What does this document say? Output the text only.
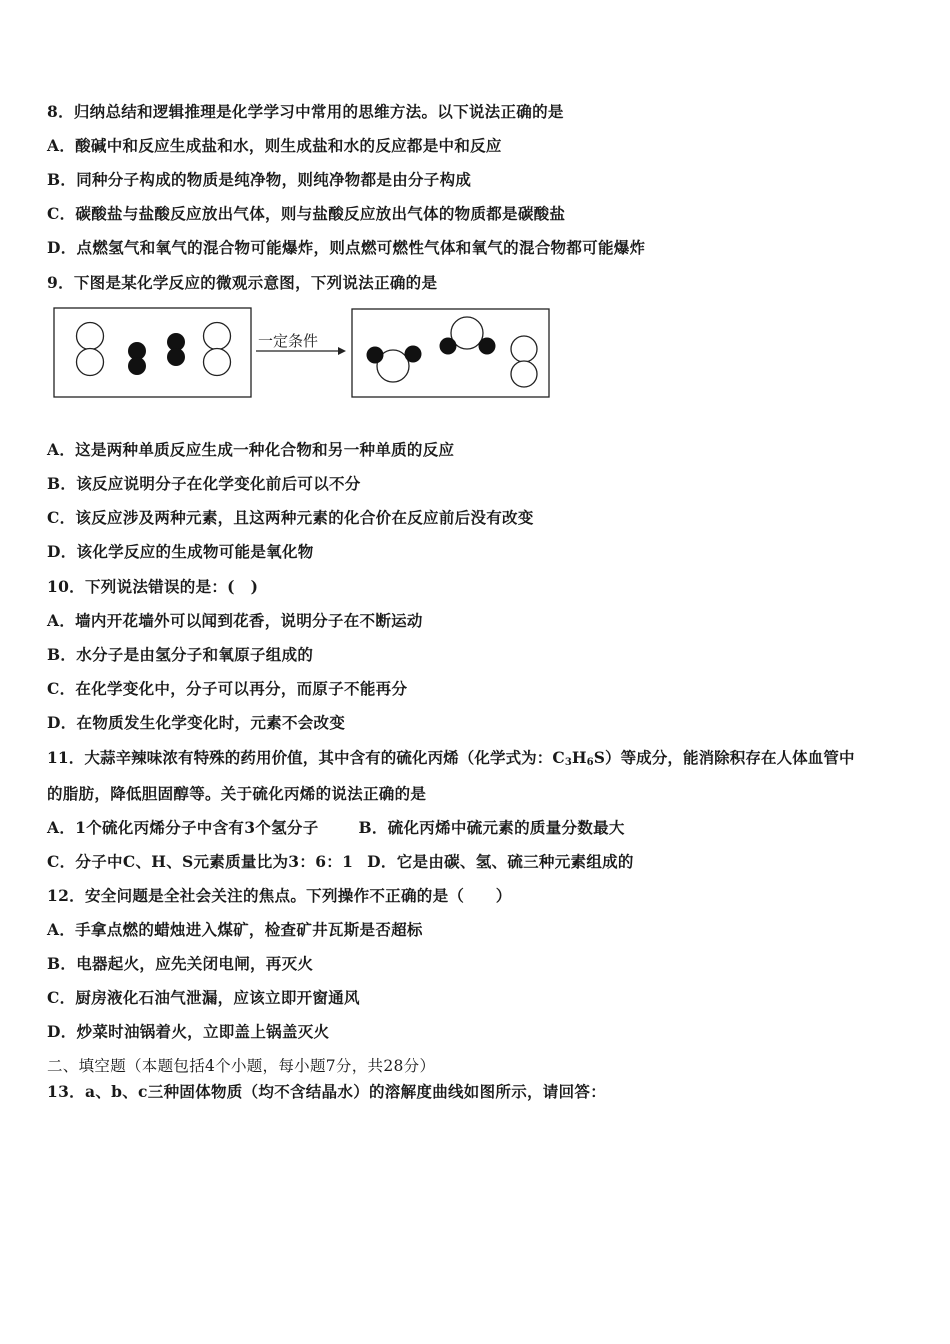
8．归纳总结和逻辑推理是化学学习中常用的思维方法。以下说法正确的是
A．酸碱中和反应生成盐和水，则生成盐和水的反应都是中和反应
B．同种分子构成的物质是纯净物，则纯净物都是由分子构成
C．碳酸盐与盐酸反应放出气体，则与盐酸反应放出气体的物质都是碳酸盐
D．点燃氢气和氧气的混合物可能爆炸，则点燃可燃性气体和氧气的混合物都可能爆炸
9．下图是某化学反应的微观示意图，下列说法正确的是
一定条件
A．这是两种单质反应生成一种化合物和另一种单质的反应
B．该反应说明分子在化学变化前后可以不分
C．该反应涉及两种元素，且这两种元素的化合价在反应前后没有改变
D．该化学反应的生成物可能是氧化物
10．下列说法错误的是：(　)
A．墙内开花墙外可以闻到花香，说明分子在不断运动
B．水分子是由氢分子和氧原子组成的
C．在化学变化中，分子可以再分，而原子不能再分
D．在物质发生化学变化时，元素不会改变
11．大蒜辛辣味浓有特殊的药用价值，其中含有的硫化丙烯（化学式为：$C_3H_6S$）等成分，能消除积存在人体血管中
的脂肪，降低胆固醇等。关于硫化丙烯的说法正确的是
A．1个硫化丙烯分子中含有3个氢分子	B．硫化丙烯中硫元素的质量分数最大
C．分子中C、H、S元素质量比为3：6：1 D．它是由碳、氢、硫三种元素组成的
12．安全问题是全社会关注的焦点。下列操作不正确的是（　　）
A．手拿点燃的蜡烛进入煤矿，检查矿井瓦斯是否超标
B．电器起火，应先关闭电闸，再灭火
C．厨房液化石油气泄漏，应该立即开窗通风
D．炒菜时油锅着火，立即盖上锅盖灭火
二、填空题（本题包括4个小题，每小题7分，共28分）
13．a、b、c三种固体物质（均不含结晶水）的溶解度曲线如图所示，请回答：
